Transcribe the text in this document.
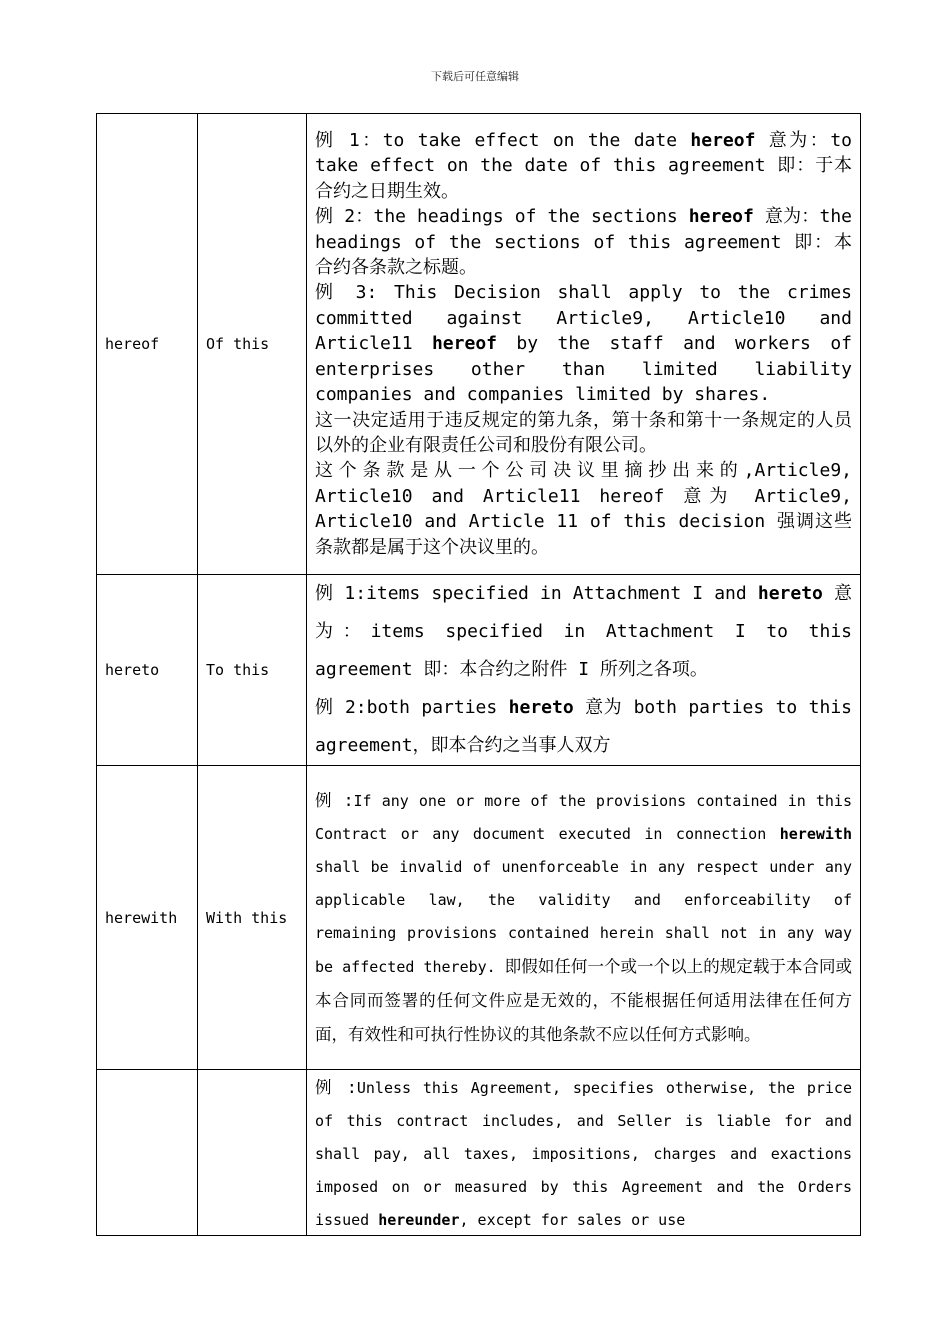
下载后可任意编辑
hereof	Of this	例 1：to take effect on the date hereof 意为：to take effect on the date of this agreement 即：于本合约之日期生效。

例 2：the headings of the sections hereof 意为：the headings of the sections of this agreement 即：本合约各条款之标题。

例 3: This Decision shall apply to the crimes committed against Article9, Article10 and Article11 hereof by the staff and workers of enterprises other than limited liability companies and companies limited by shares.

这一决定适用于违反规定的第九条，第十条和第十一条规定的人员以外的企业有限责任公司和股份有限公司。

这个条款是从一个公司决议里摘抄出来的,Article9, Article10 and Article11 hereof 意为 Article9, Article10 and Article 11 of this decision 强调这些条款都是属于这个决议里的。

hereto	To this	例 1:items specified in Attachment I and hereto 意为：items specified in Attachment I to this agreement 即：本合约之附件 I 所列之各项。

例 2:both parties hereto 意为 both parties to this agreement，即本合约之当事人双方

herewith	With this	例 :If any one or more of the provisions contained in this Contract or any document executed in connection herewith shall be invalid of unenforceable in any respect under any applicable law, the validity and enforceability of remaining provisions contained herein shall not in any way be affected thereby. 即假如任何一个或一个以上的规定载于本合同或本合同而签署的任何文件应是无效的，不能根据任何适用法律在任何方面，有效性和可执行性协议的其他条款不应以任何方式影响。

		例 :Unless this Agreement, specifies otherwise, the price of this contract includes, and Seller is liable for and shall pay, all taxes, impositions, charges and exactions imposed on or measured by this Agreement and the Orders issued hereunder, except for sales or use
